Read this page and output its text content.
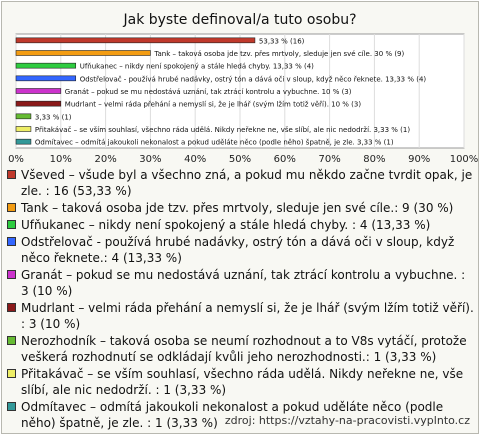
Jak byste definoval/a tuto osobu?
0%	10% 20% 30% 40% 50% 60% 70% 80% 90% 100%
53,33 % (16)
Tank – taková osoba jde tzv. přes mrtvoly, sleduje jen své cíle. 30 % (9)
Ufňukanec – nikdy není spokojený a stále hledá chyby. 13,33 % (4)
Odstřelovač - používá hrubé nadávky, ostrý tón a dává oči v sloup, když něco řeknete. 13,33 % (4)
Granát – pokud se mu nedostává uznání, tak ztrácí kontrolu a vybuchne. 10 % (3)
Mudrlant – velmi ráda přehání a nemyslí si, že je lhář (svým lžím totiž věří). 10 % (3)
3,33 % (1)
Přitakávač – se vším souhlasí, všechno ráda udělá. Nikdy neřekne ne, vše slíbí, ale nic nedodrží. 3,33 % (1)
Odmítavec – odmítá jakoukoli nekonalost a pokud uděláte něco (podle něho) špatně, je zle. 3,33 % (1)
Vševed – všude byl a všechno zná, a pokud mu někdo začne tvrdit opak, je zle. : 16 (53,33 %)
Tank – taková osoba jde tzv. přes mrtvoly, sleduje jen své cíle.: 9 (30 %)
Ufňukanec – nikdy není spokojený a stále hledá chyby. : 4 (13,33 %)
Odstřelovač - používá hrubé nadávky, ostrý tón a dává oči v sloup, když něco řeknete.: 4 (13,33 %)
Granát – pokud se mu nedostává uznání, tak ztrácí kontrolu a vybuchne. : 3 (10 %)
Mudrlant – velmi ráda přehání a nemyslí si, že je lhář (svým lžím totiž věří). : 3 (10 %)
Nerozhodník – taková osoba se neumí rozhodnout a to V8s vytáčí, protože veškerá rozhodnutí se odkládají kvůli jeho nerozhodnosti.: 1 (3,33 %)
Přitakávač – se vším souhlasí, všechno ráda udělá. Nikdy neřekne ne, vše slíbí, ale nic nedodrží. : 1 (3,33 %)
Odmítavec – odmítá jakoukoli nekonalost a pokud uděláte něco (podle něho) špatně, je zle. : 1 (3,33 %) zdroj: https://vztahy-na-pracovisti.vyplnto.cz
